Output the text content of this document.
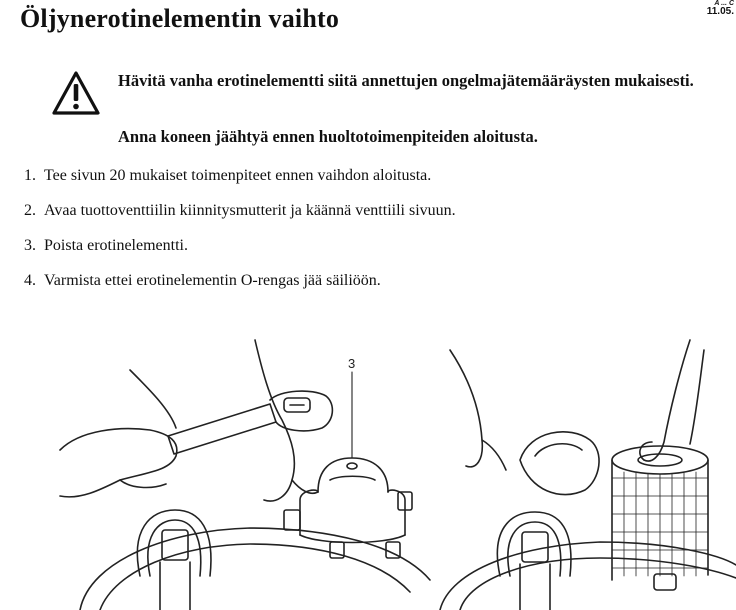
A ... C
11.05.
Öljynerotinelementin vaihto
Hävitä vanha erotinelementti siitä annettujen ongelmajätemääräysten mukaisesti.
Anna koneen jäähtyä ennen huoltotoimenpiteiden aloitusta.
1. Tee sivun 20 mukaiset toimenpiteet ennen vaihdon aloitusta.
2. Avaa tuottoventtiilin kiinnitysmutterit ja käännä venttiili sivuun.
3. Poista erotinelementti.
4. Varmista ettei erotinelementin O-rengas jää säiliöön.
3
